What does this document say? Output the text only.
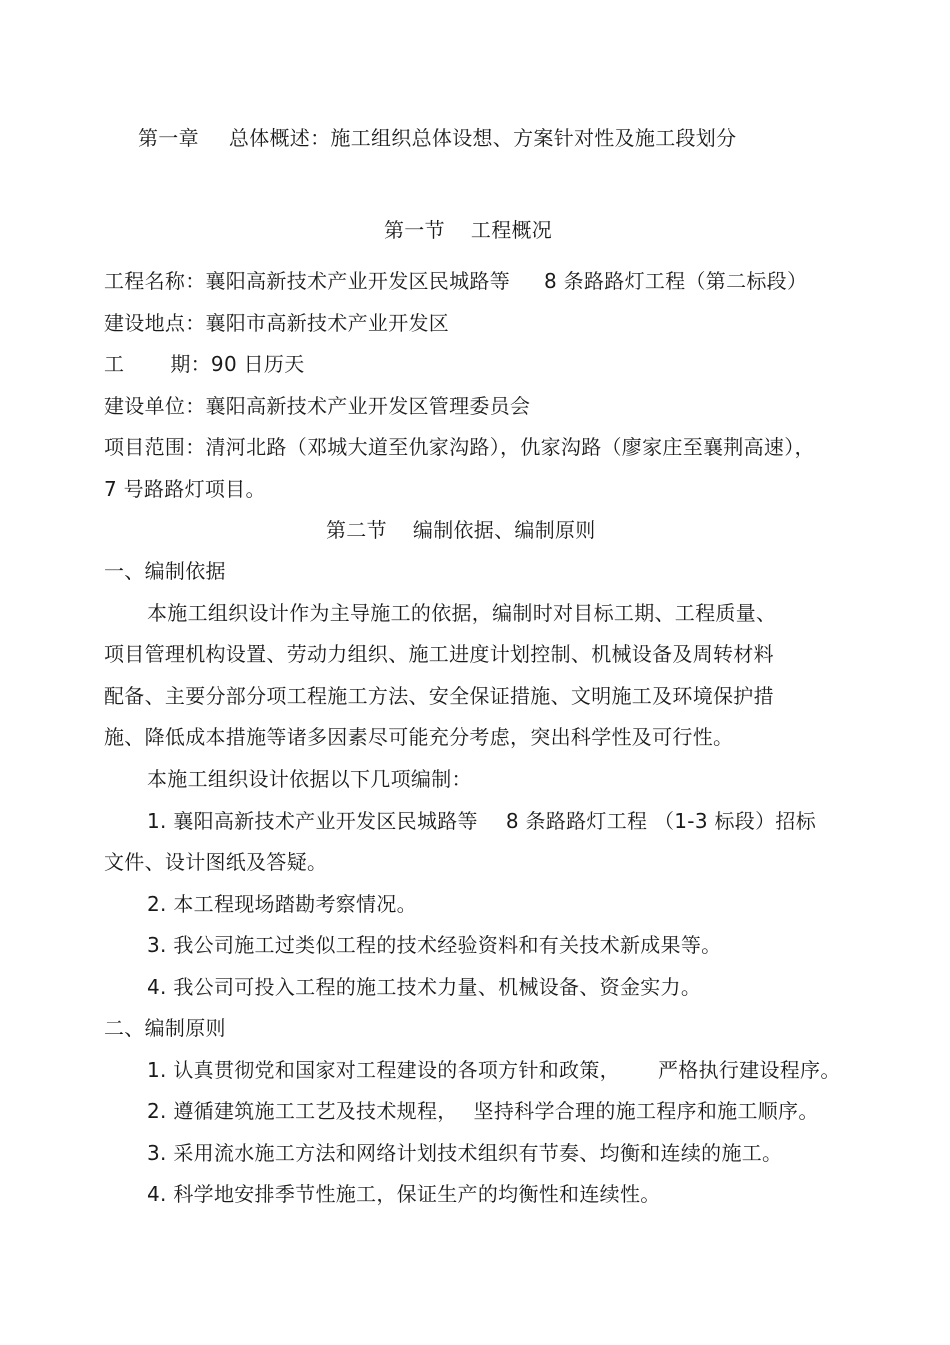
第一章 总体概述：施工组织总体设想、方案针对性及施工段划分
第一节 工程概况
工程名称：襄阳高新技术产业开发区民城路等 8 条路路灯工程（第二标段）
建设地点：襄阳市高新技术产业开发区
工 期：90 日历天
建设单位：襄阳高新技术产业开发区管理委员会
项目范围：清河北路（邓城大道至仇家沟路），仇家沟路（廖家庄至襄荆高速），
7 号路路灯项目。
第二节 编制依据、编制原则
一、编制依据
本施工组织设计作为主导施工的依据，编制时对目标工期、工程质量、
项目管理机构设置、劳动力组织、施工进度计划控制、机械设备及周转材料
配备、主要分部分项工程施工方法、安全保证措施、文明施工及环境保护措
施、降低成本措施等诸多因素尽可能充分考虑，突出科学性及可行性。
本施工组织设计依据以下几项编制：
1. 襄阳高新技术产业开发区民城路等 8 条路路灯工程 （1-3 标段）招标
文件、设计图纸及答疑。
2. 本工程现场踏勘考察情况。
3. 我公司施工过类似工程的技术经验资料和有关技术新成果等。
4. 我公司可投入工程的施工技术力量、机械设备、资金实力。
二、编制原则
1. 认真贯彻党和国家对工程建设的各项方针和政策， 严格执行建设程序。
2. 遵循建筑施工工艺及技术规程， 坚持科学合理的施工程序和施工顺序。
3. 采用流水施工方法和网络计划技术组织有节奏、均衡和连续的施工。
4. 科学地安排季节性施工，保证生产的均衡性和连续性。
